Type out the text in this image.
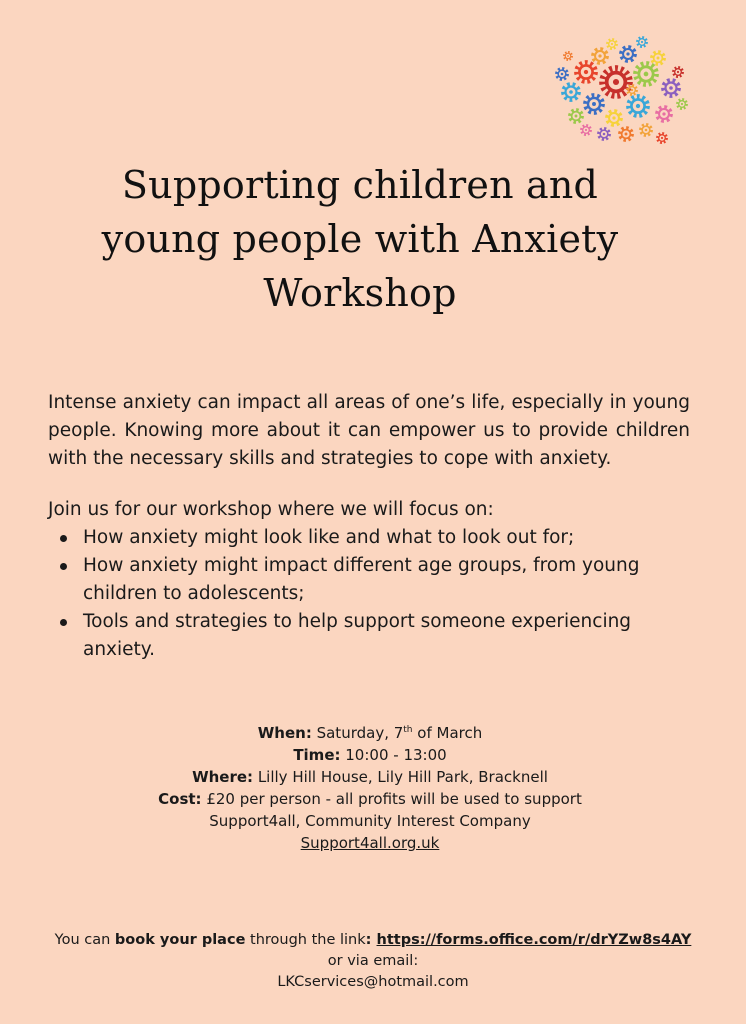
Supporting children and
young people with Anxiety
Workshop

Intense anxiety can impact all areas of one’s life, especially in young people. Knowing more about it can empower us to provide children with the necessary skills and strategies to cope with anxiety.

Join us for our workshop where we will focus on:
How anxiety might look like and what to look out for;
How anxiety might impact different age groups, from young children to adolescents;
Tools and strategies to help support someone experiencing anxiety.
When: Saturday, 7th of March
Time: 10:00 - 13:00
Where: Lilly Hill House, Lily Hill Park, Bracknell
Cost: £20 per person - all profits will be used to support
Support4all, Community Interest Company
Support4all.org.uk
You can book your place through the link: https://forms.office.com/r/drYZw8s4AY
or via email:
LKCservices@hotmail.com
